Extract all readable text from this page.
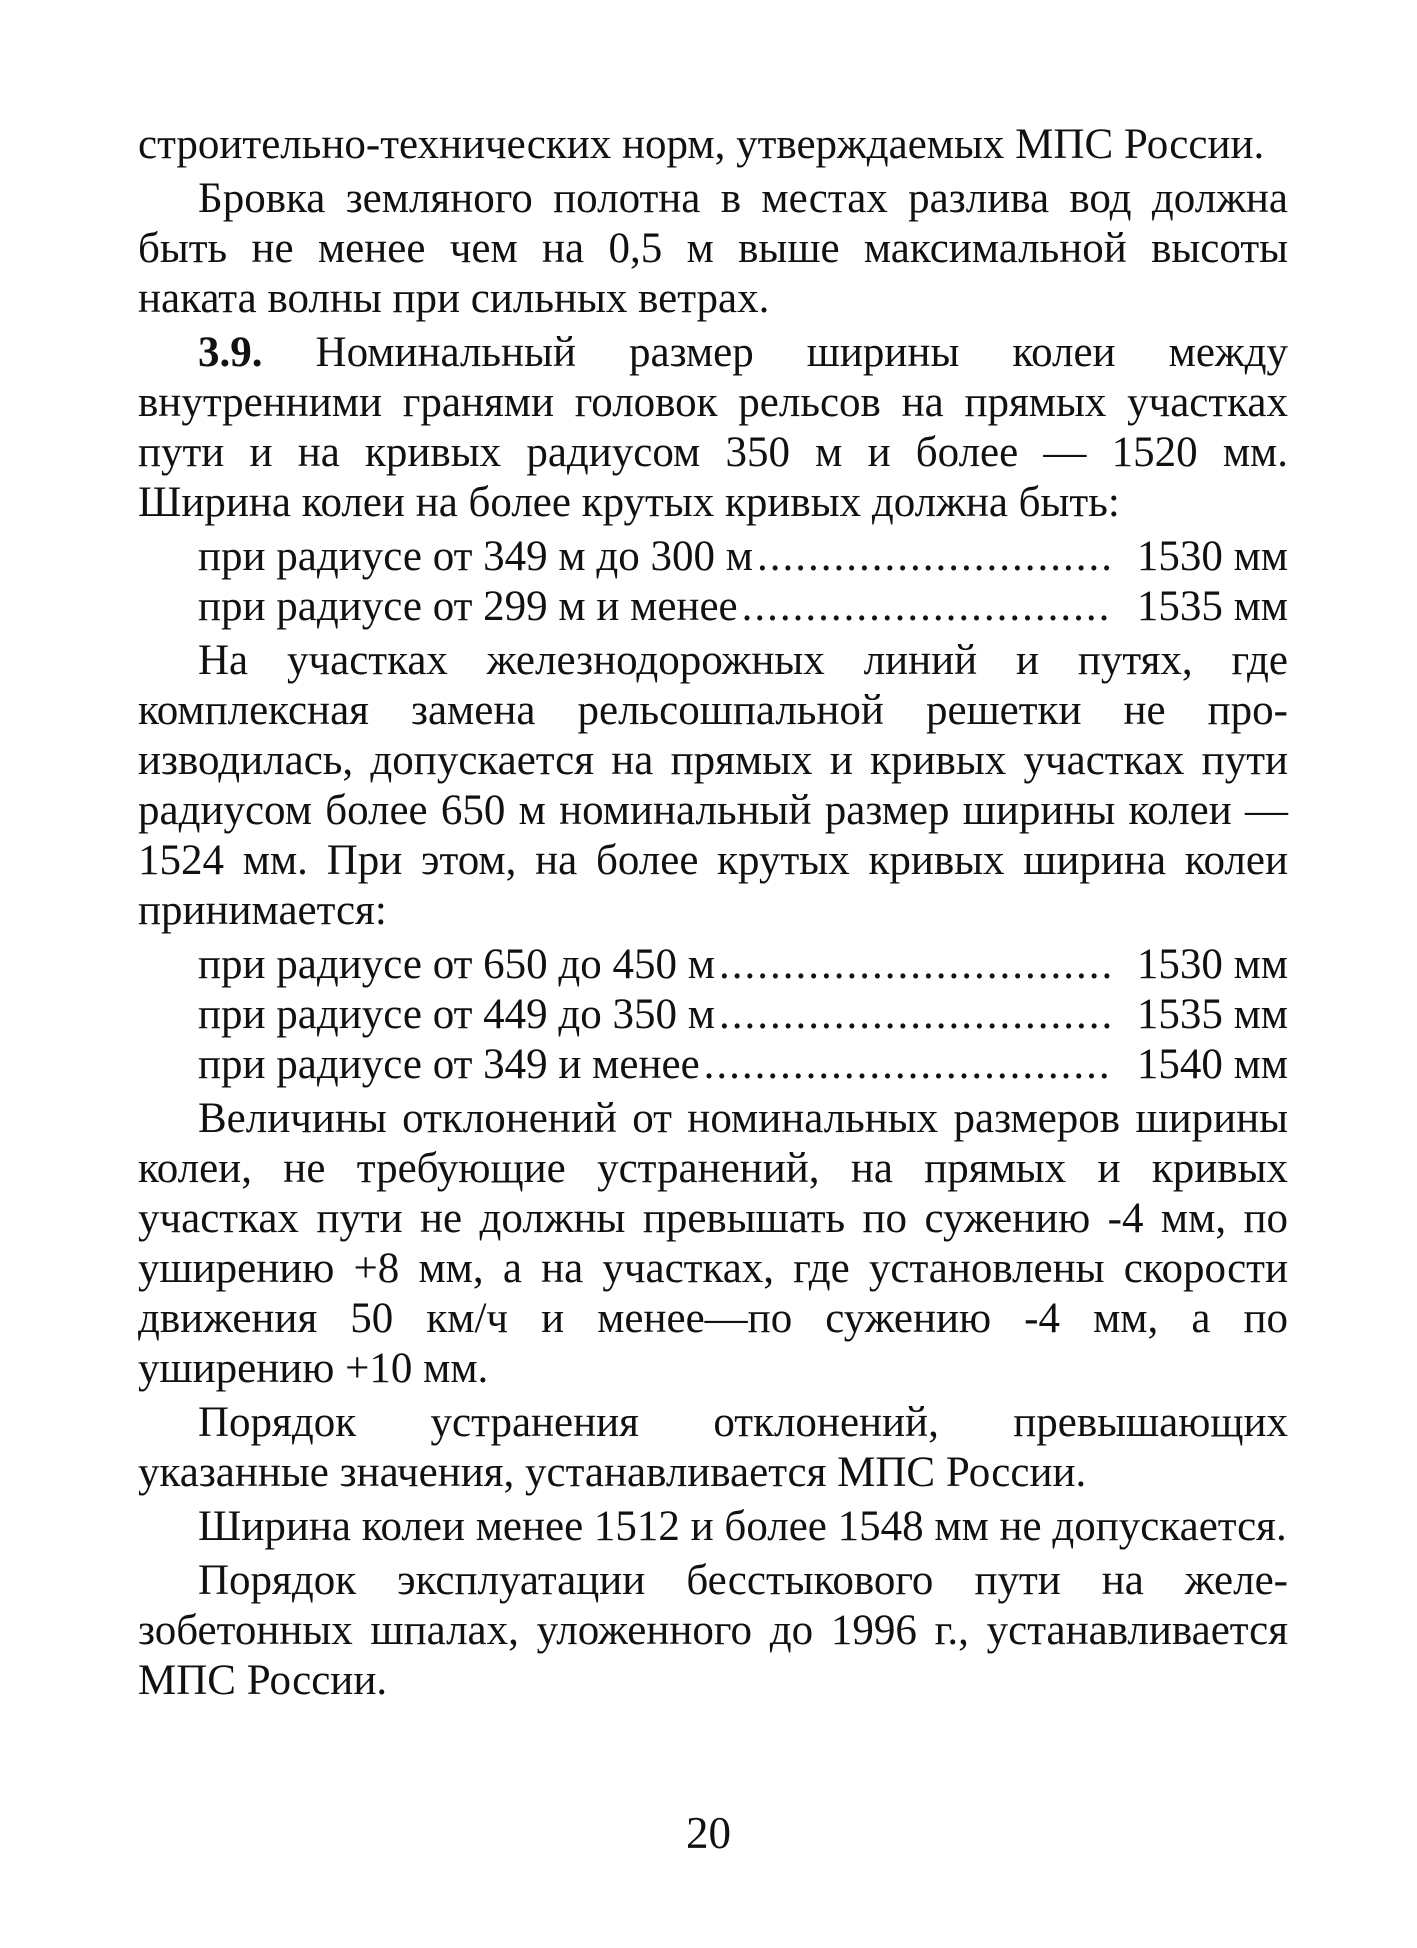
строительно-технических норм, утверждаемых МПС России.

Бровка земляного полотна в местах разлива вод должна быть не менее чем на 0,5 м выше максимальной высоты наката волны при сильных ветрах.

3.9. Номинальный размер ширины колеи между внутренними гранями головок рельсов на прямых участках пути и на кривых радиусом 350 м и более — 1520 мм. Ширина колеи на более крутых кривых должна быть:

при радиусе от 349 м до 300 м .....	1530 мм
при радиусе от 299 м и менее .....	1535 мм

На участках железнодорожных линий и путях, где комплексная замена рельсошпальной решетки не производилась, допускается на прямых и кривых участках пути радиусом более 650 м номинальный размер ширины колеи — 1524 мм. При этом, на более крутых кривых ширина колеи принимается:

при радиусе от 650 до 450 м .....	1530 мм
при радиусе от 449 до 350 м .....	1535 мм
при радиусе от 349 и менее .....	1540 мм

Величины отклонений от номинальных размеров ширины колеи, не требующие устранений, на прямых и кривых участках пути не должны превышать по сужению -4 мм, по уширению +8 мм, а на участках, где установлены скорости движения 50 км/ч и менее—по сужению -4 мм, а по уширению +10 мм.

Порядок устранения отклонений, превышающих указанные значения, устанавливается МПС России.

Ширина колеи менее 1512 и более 1548 мм не допускается.

Порядок эксплуатации бесстыкового пути на железобетонных шпалах, уложенного до 1996 г., устанавливается МПС России.

20
